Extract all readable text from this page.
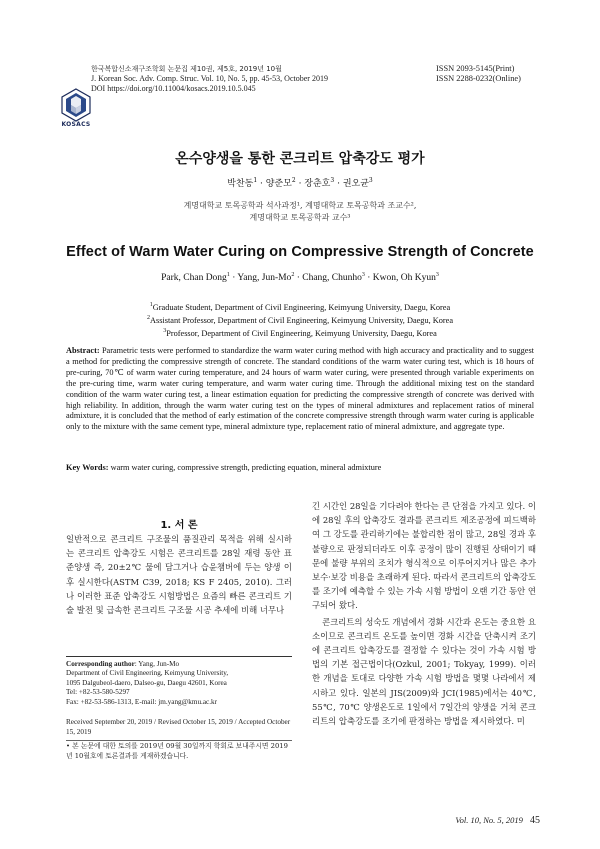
KOSACS
한국복합신소재구조학회 논문집 제10권, 제5호, 2019년 10월
J. Korean Soc. Adv. Comp. Struc. Vol. 10, No. 5, pp. 45-53, October 2019
DOI https://doi.org/10.11004/kosacs.2019.10.5.045
ISSN 2093-5145(Print)
ISSN 2288-0232(Online)
온수양생을 통한 콘크리트 압축강도 평가
박찬동$^1$ · 양준모$^2$ · 장춘호$^3$ · 권오균$^3$
계명대학교 토목공학과 석사과정¹, 계명대학교 토목공학과 조교수²,
계명대학교 토목공학과 교수³
Effect of Warm Water Curing on Compressive Strength of Concrete
Park, Chan Dong$^1$ · Yang, Jun-$Mo^2$ · Chang, Chunho$^3$ · Kwon, Oh Kyun$^3$
$^1$Graduate Student, Department of Civil Engineering, Keimyung University, Daegu, Korea
$^2$Assistant Professor, Department of Civil Engineering, Keimyung University, Daegu, Korea
$^3$Professor, Department of Civil Engineering, Keimyung University, Daegu, Korea
Abstract: Parametric tests were performed to standardize the warm water curing method with high accuracy and practicality and to suggest a method for predicting the compressive strength of concrete. The standard conditions of the warm water curing test, which is 18 hours of pre-curing, 70℃ of warm water curing temperature, and 24 hours of warm water curing, were presented through variable experiments on the pre-curing time, warm water curing temperature, and warm water curing time. Through the additional mixing test on the standard condition of the warm water curing test, a linear estimation equation for predicting the compressive strength of concrete was derived with high reliability. In addition, through the warm water curing test on the types of mineral admixtures and replacement ratios of mineral admixture, it is concluded that the method of early estimation of the concrete compressive strength through warm water curing is applicable only to the mixture with the same cement type, mineral admixture type, replacement ratio of mineral admixture, and aggregate type.
Key Words: warm water curing, compressive strength, predicting equation, mineral admixture
1. 서 론
일반적으로 콘크리트 구조물의 품질관리 목적을 위해 실시하는 콘크리트 압축강도 시험은 콘크리트를 28일 재령 동안 표준양생 즉, 20±2℃ 물에 담그거나 습윤챔버에 두는 양생 이후 실시한다(ASTM C39, 2018; KS F 2405, 2010). 그러나 이러한 표준 압축강도 시험방법은 요즘의 빠른 콘크리트 기술 발전 및 급속한 콘크리트 구조물 시공 추세에 비해 너무나
긴 시간인 28일을 기다려야 한다는 큰 단점을 가지고 있다. 이에 28일 후의 압축강도 결과를 콘크리트 제조공정에 피드백하여 그 강도를 관리하기에는 불합리한 점이 많고, 28일 경과 후 불량으로 판정되더라도 이후 공정이 많이 진행된 상태이기 때문에 불량 부위의 조치가 형식적으로 이루어지거나 많은 추가 보수·보강 비용을 초래하게 된다. 따라서 콘크리트의 압축강도를 조기에 예측할 수 있는 가속 시험 방법이 오랜 기간 동안 연구되어 왔다.
콘크리트의 성숙도 개념에서 경화 시간과 온도는 중요한 요소이므로 콘크리트 온도를 높이면 경화 시간을 단축시켜 조기에 콘크리트 압축강도를 결정할 수 있다는 것이 가속 시험 방법의 기본 접근법이다(Ozkul, 2001; Tokyay, 1999). 이러한 개념을 토대로 다양한 가속 시험 방법을 몇몇 나라에서 제시하고 있다. 일본의 JIS(2009)와 JCI(1985)에서는 40℃, 55℃, 70℃ 양생온도로 1일에서 7일간의 양생을 거쳐 콘크리트의 압축강도를 조기에 판정하는 방법을 제시하였다. 미
Corresponding author: Yang, Jun-Mo
Department of Civil Engineering, Keimyung University,
1095 Dalgubeol-daero, Dalseo-gu, Daegu 42601, Korea
Tel: +82-53-580-5297
Fax: +82-53-586-1313, E-mail: jm.yang@kmu.ac.kr
Received September 20, 2019 / Revised October 15, 2019 / Accepted October 15, 2019
• 본 논문에 대한 토의를 2019년 09월 30일까지 학회로 보내주시면 2019년 10월호에 토론결과를 게재하겠습니다.
Vol. 10, No. 5, 2019 45
